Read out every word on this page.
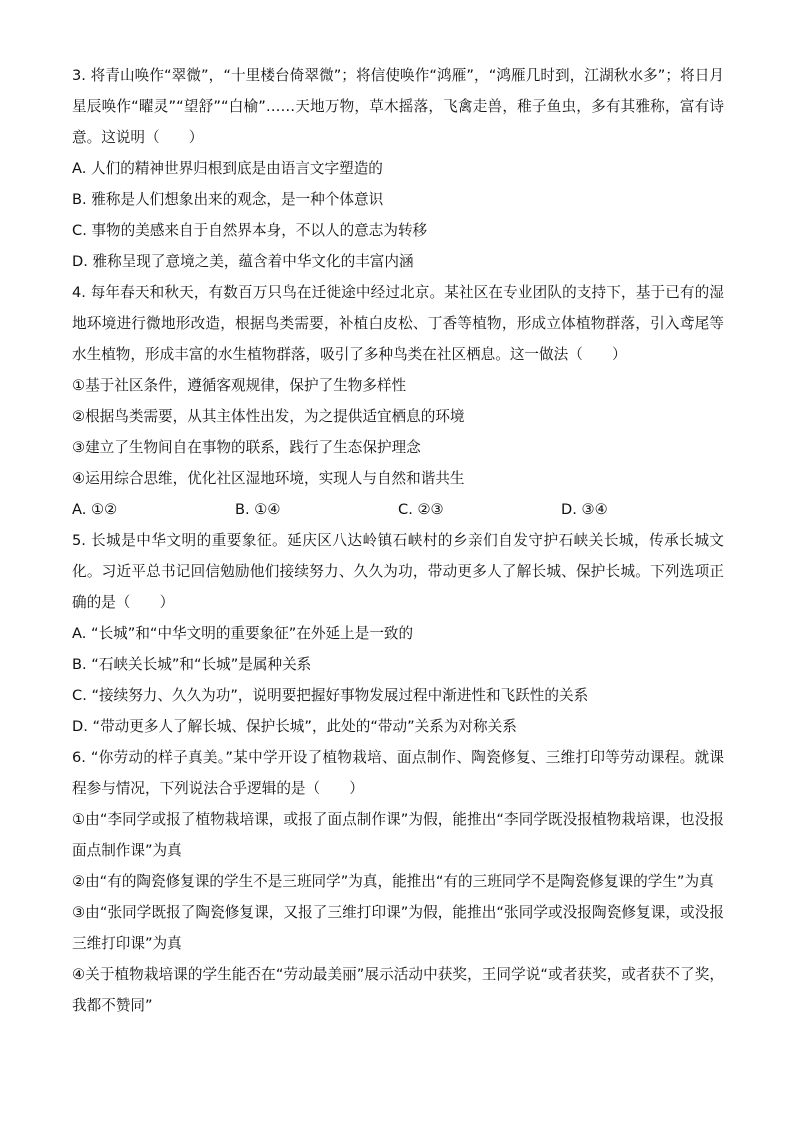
3. 将青山唤作“翠微”，“十里楼台倚翠微”；将信使唤作“鸿雁”，“鸿雁几时到，江湖秋水多”；将日月星辰唤作“曜灵”“望舒”“白榆”……天地万物，草木摇落，飞禽走兽，稚子鱼虫，多有其雅称，富有诗意。这说明（　　）

A. 人们的精神世界归根到底是由语言文字塑造的

B. 雅称是人们想象出来的观念，是一种个体意识

C. 事物的美感来自于自然界本身，不以人的意志为转移

D. 雅称呈现了意境之美，蕴含着中华文化的丰富内涵

4. 每年春天和秋天，有数百万只鸟在迁徙途中经过北京。某社区在专业团队的支持下，基于已有的湿地环境进行微地形改造，根据鸟类需要，补植白皮松、丁香等植物，形成立体植物群落，引入鸢尾等水生植物，形成丰富的水生植物群落，吸引了多种鸟类在社区栖息。这一做法（　　）

①基于社区条件，遵循客观规律，保护了生物多样性

②根据鸟类需要，从其主体性出发，为之提供适宜栖息的环境

③建立了生物间自在事物的联系，践行了生态保护理念

④运用综合思维，优化社区湿地环境，实现人与自然和谐共生

A. ①②	B. ①④	C. ②③	D. ③④

5. 长城是中华文明的重要象征。延庆区八达岭镇石峡村的乡亲们自发守护石峡关长城，传承长城文化。习近平总书记回信勉励他们接续努力、久久为功，带动更多人了解长城、保护长城。下列选项正确的是（　　）

A. “长城”和“中华文明的重要象征”在外延上是一致的

B. “石峡关长城”和“长城”是属种关系

C. “接续努力、久久为功”，说明要把握好事物发展过程中渐进性和飞跃性的关系

D. “带动更多人了解长城、保护长城”，此处的“带动”关系为对称关系

6. “你劳动的样子真美。”某中学开设了植物栽培、面点制作、陶瓷修复、三维打印等劳动课程。就课程参与情况，下列说法合乎逻辑的是（　　）

①由“李同学或报了植物栽培课，或报了面点制作课”为假，能推出“李同学既没报植物栽培课，也没报面点制作课”为真

②由“有的陶瓷修复课的学生不是三班同学”为真，能推出“有的三班同学不是陶瓷修复课的学生”为真

③由“张同学既报了陶瓷修复课，又报了三维打印课”为假，能推出“张同学或没报陶瓷修复课，或没报三维打印课”为真

④关于植物栽培课的学生能否在“劳动最美丽”展示活动中获奖，王同学说“或者获奖，或者获不了奖，我都不赞同”
